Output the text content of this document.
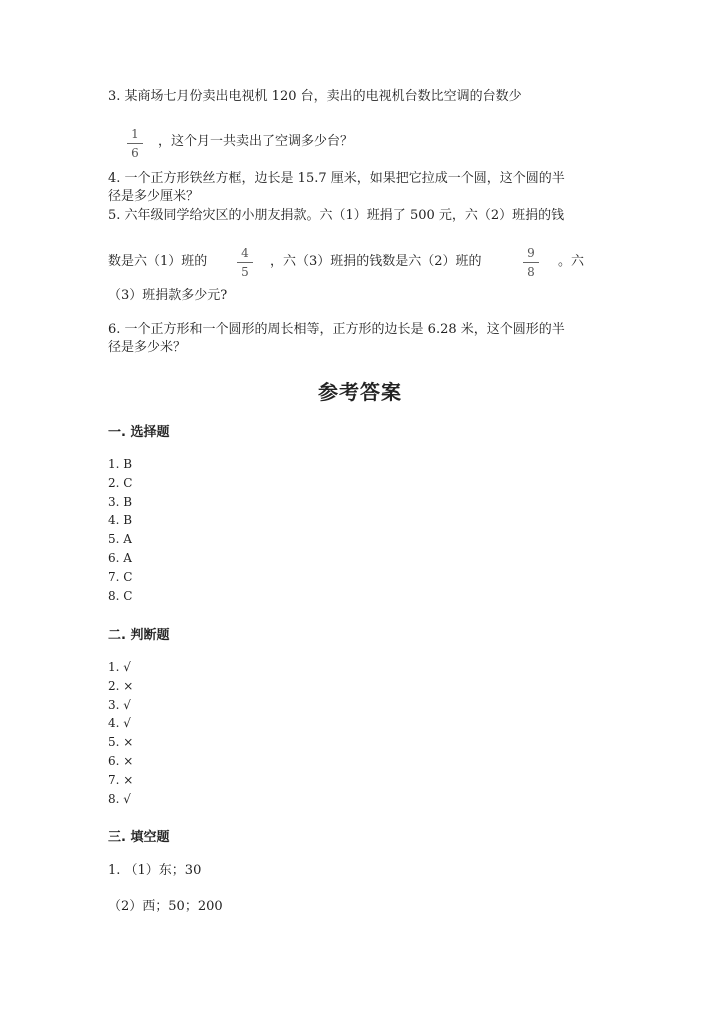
3. 某商场七月份卖出电视机 120 台，卖出的电视机台数比空调的台数少
1
6
，这个月一共卖出了空调多少台？
4. 一个正方形铁丝方框，边长是 15.7 厘米，如果把它拉成一个圆，这个圆的半
径是多少厘米？
5. 六年级同学给灾区的小朋友捐款。六（1）班捐了 500 元，六（2）班捐的钱
数是六（1）班的
4
5
，六（3）班捐的钱数是六（2）班的
9
8
。六
（3）班捐款多少元?
6. 一个正方形和一个圆形的周长相等，正方形的边长是 6.28 米，这个圆形的半
径是多少米？
参考答案
一. 选择题
1. B
2. C
3. B
4. B
5. A
6. A
7. C
8. C
二. 判断题
1. √
2. ×
3. √
4. √
5. ×
6. ×
7. ×
8. √
三. 填空题
1. （1）东；30
（2）西；50；200
